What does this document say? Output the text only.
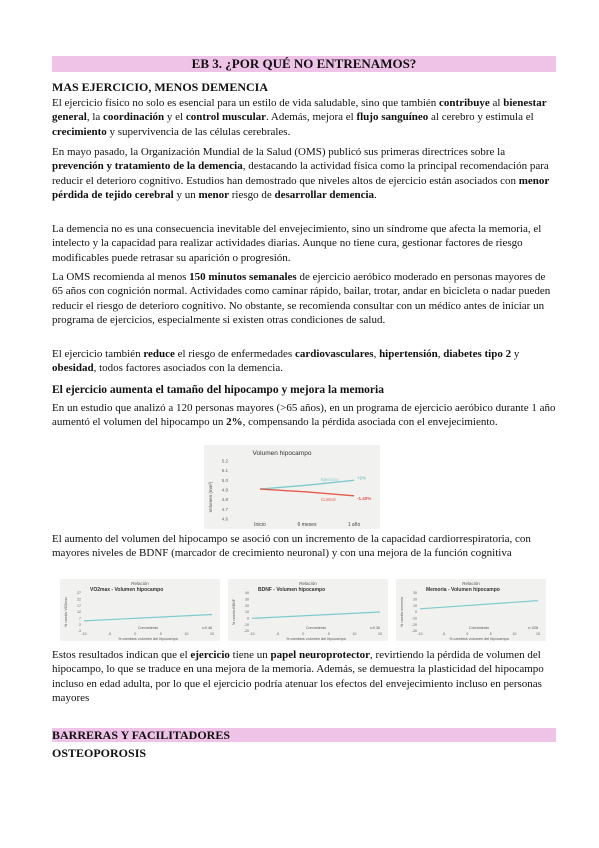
EB 3. ¿POR QUÉ NO ENTRENAMOS?
MAS EJERCICIO, MENOS DEMENCIA

El ejercicio físico no solo es esencial para un estilo de vida saludable, sino que también contribuye al bienestar general, la coordinación y el control muscular. Además, mejora el flujo sanguíneo al cerebro y estimula el crecimiento y supervivencia de las células cerebrales.

En mayo pasado, la Organización Mundial de la Salud (OMS) publicó sus primeras directrices sobre la prevención y tratamiento de la demencia, destacando la actividad física como la principal recomendación para reducir el deterioro cognitivo. Estudios han demostrado que niveles altos de ejercicio están asociados con menor pérdida de tejido cerebral y un menor riesgo de desarrollar demencia.

La demencia no es una consecuencia inevitable del envejecimiento, sino un síndrome que afecta la memoria, el intelecto y la capacidad para realizar actividades diarias. Aunque no tiene cura, gestionar factores de riesgo modificables puede retrasar su aparición o progresión.

La OMS recomienda al menos 150 minutos semanales de ejercicio aeróbico moderado en personas mayores de 65 años con cognición normal. Actividades como caminar rápido, bailar, trotar, andar en bicicleta o nadar pueden reducir el riesgo de deterioro cognitivo. No obstante, se recomienda consultar con un médico antes de iniciar un programa de ejercicios, especialmente si existen otras condiciones de salud.

El ejercicio también reduce el riesgo de enfermedades cardiovasculares, hipertensión, diabetes tipo 2 y obesidad, todos factores asociados con la demencia.

El ejercicio aumenta el tamaño del hipocampo y mejora la memoria

En un estudio que analizó a 120 personas mayores (>65 años), en un programa de ejercicio aeróbico durante 1 año aumentó el volumen del hipocampo un 2%, compensando la pérdida asociada con el envejecimiento.

Volumen hipocampo
Volumen (mm³)
5.2
5.1
5.0
4.9
4.8
4.7
4.6
Inicio	6 meses	1 año
Ejercicio	+2%
Control	-1.40%

El aumento del volumen del hipocampo se asoció con un incremento de la capacidad cardiorrespiratoria, con mayores niveles de BDNF (marcador de crecimiento neuronal) y con una mejora de la función cognitiva

Relación
VO2max - Volumen hipocampo
% cambio VO2max
27
22
17
12
7
2
-3
-10	-5	0	5	10	15
% cambios volumen del hipocampo
Crecimiento	r=0.46
Relación
BDNF - Volumen hipocampo
% cambio BDNF
40
30
20
10
0
-10
-20
-10	-5	0	5	10	15
% cambios volumen del hipocampo
Crecimiento	r=0.36
Relación
Memoria - Volumen hipocampo
% cambio memoria
30
20
10
0
-10
-20
-30
-10	-5	0	5	10	15
% cambios volumen del hipocampo
Crecimiento	r=.028

Estos resultados indican que el ejercicio tiene un papel neuroprotector, revirtiendo la pérdida de volumen del hipocampo, lo que se traduce en una mejora de la memoria. Además, se demuestra la plasticidad del hipocampo incluso en edad adulta, por lo que el ejercicio podría atenuar los efectos del envejecimiento incluso en personas mayores

BARRERAS Y FACILITADORES
OSTEOPOROSIS
